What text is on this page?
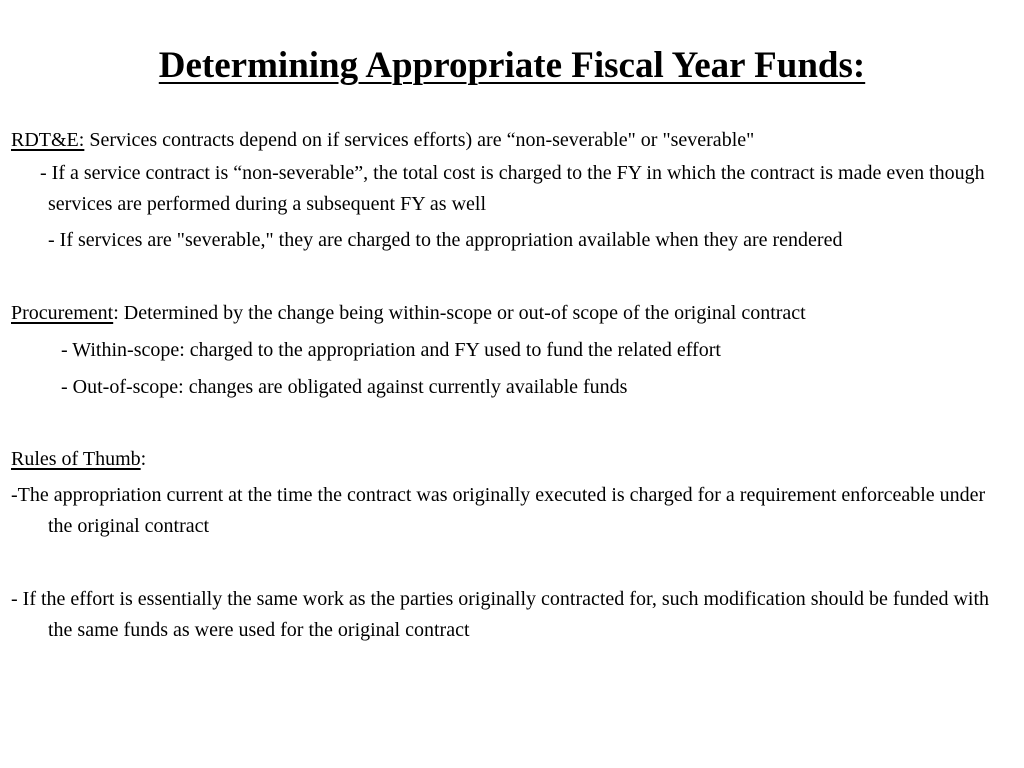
Determining Appropriate Fiscal Year Funds:

RDT&E: Services contracts depend on if services efforts) are “non-severable" or "severable"

- If a service contract is “non-severable”, the total cost is charged to the FY in which the contract is made even though services are performed during a subsequent FY as well

- If services are "severable," they are charged to the appropriation available when they are rendered

Procurement: Determined by the change being within-scope or out-of scope of the original contract

- Within-scope: charged to the appropriation and FY used to fund the related effort

- Out-of-scope: changes are obligated against currently available funds

Rules of Thumb:

-The appropriation current at the time the contract was originally executed is charged for a requirement enforceable under the original contract

- If the effort is essentially the same work as the parties originally contracted for, such modification should be funded with the same funds as were used for the original contract
